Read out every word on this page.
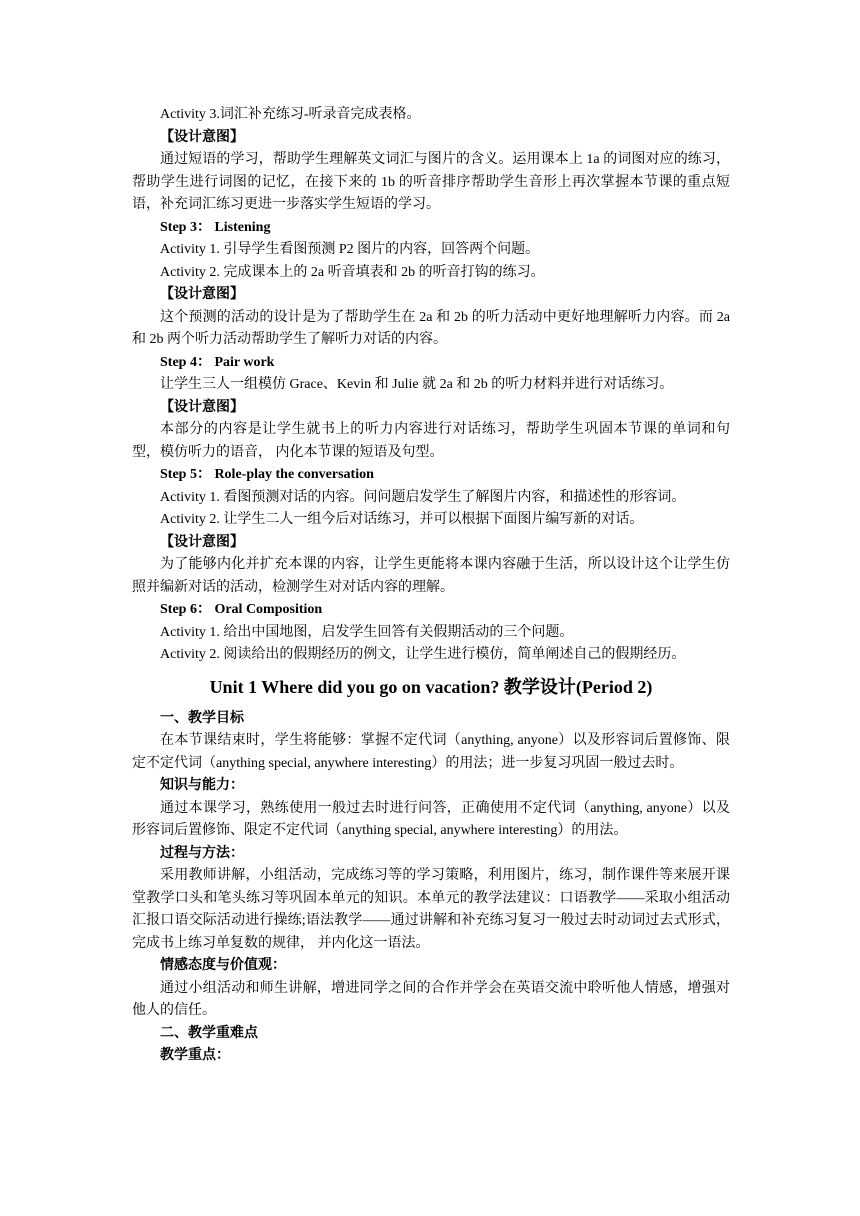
Activity 3.词汇补充练习-听录音完成表格。

【设计意图】

通过短语的学习，帮助学生理解英文词汇与图片的含义。运用课本上 1a 的词图对应的练习，帮助学生进行词图的记忆，在接下来的 1b 的听音排序帮助学生音形上再次掌握本节课的重点短语，补充词汇练习更进一步落实学生短语的学习。

Step 3： Listening

Activity 1. 引导学生看图预测 P2 图片的内容，回答两个问题。

Activity 2. 完成课本上的 2a 听音填表和 2b 的听音打钩的练习。

【设计意图】

这个预测的活动的设计是为了帮助学生在 2a 和 2b 的听力活动中更好地理解听力内容。而 2a 和 2b 两个听力活动帮助学生了解听力对话的内容。

Step 4： Pair work

让学生三人一组模仿 Grace、Kevin 和 Julie 就 2a 和 2b 的听力材料并进行对话练习。

【设计意图】

本部分的内容是让学生就书上的听力内容进行对话练习，帮助学生巩固本节课的单词和句型，模仿听力的语音， 内化本节课的短语及句型。

Step 5： Role-play the conversation

Activity 1. 看图预测对话的内容。问问题启发学生了解图片内容，和描述性的形容词。

Activity 2. 让学生二人一组今后对话练习，并可以根据下面图片编写新的对话。

【设计意图】

为了能够内化并扩充本课的内容，让学生更能将本课内容融于生活，所以设计这个让学生仿照并编新对话的活动，检测学生对对话内容的理解。

Step 6： Oral Composition

Activity 1. 给出中国地图，启发学生回答有关假期活动的三个问题。

Activity 2. 阅读给出的假期经历的例文，让学生进行模仿，简单阐述自己的假期经历。

Unit 1 Where did you go on vacation? 教学设计(Period 2)

一、教学目标

在本节课结束时，学生将能够：掌握不定代词（anything, anyone）以及形容词后置修饰、限定不定代词（anything special, anywhere interesting）的用法；进一步复习巩固一般过去时。

知识与能力：

通过本课学习，熟练使用一般过去时进行问答，正确使用不定代词（anything, anyone）以及形容词后置修饰、限定不定代词（anything special, anywhere interesting）的用法。

过程与方法：

采用教师讲解，小组活动，完成练习等的学习策略，利用图片，练习，制作课件等来展开课堂教学口头和笔头练习等巩固本单元的知识。本单元的教学法建议：口语教学——采取小组活动汇报口语交际活动进行操练;语法教学——通过讲解和补充练习复习一般过去时动词过去式形式，完成书上练习单复数的规律， 并内化这一语法。

情感态度与价值观：

通过小组活动和师生讲解，增进同学之间的合作并学会在英语交流中聆听他人情感，增强对他人的信任。

二、教学重难点

教学重点：
